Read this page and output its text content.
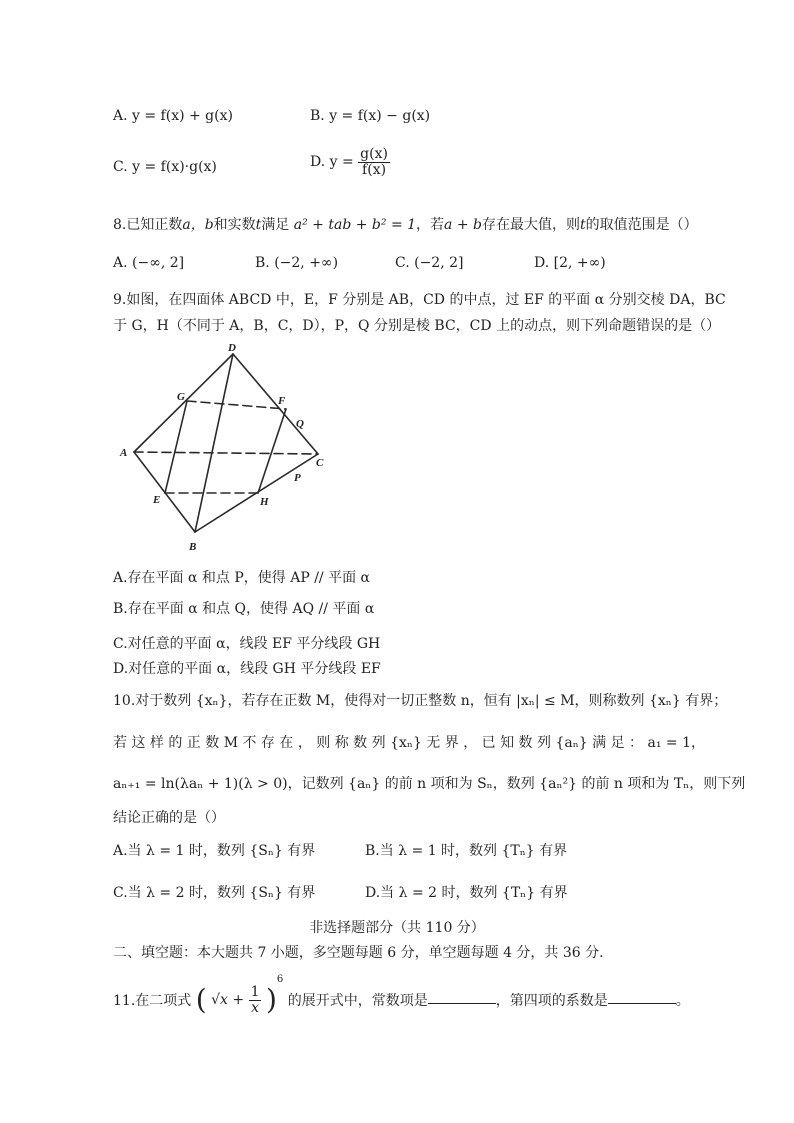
A. y = f(x) + g(x)	B. y = f(x) − g(x)
C. y = f(x)·g(x)	D. $y = \frac{g(x)}{f(x)}$
8.已知正数a，b和实数t满足 a² + tab + b² = 1，若a + b存在最大值，则t的取值范围是（）
A. (−∞, 2]	B. (−2, +∞)	C. (−2, 2]	D. [2, +∞)
9.如图，在四面体 ABCD 中，E，F 分别是 AB，CD 的中点，过 EF 的平面 α 分别交棱 DA，BC
于 G，H（不同于 A，B，C，D），P，Q 分别是棱 BC，CD 上的动点，则下列命题错误的是（）
D
A
C
B
G	F
Q
P
E	H
A.存在平面 α 和点 P，使得 AP // 平面 α
B.存在平面 α 和点 Q，使得 AQ // 平面 α
C.对任意的平面 α，线段 EF 平分线段 GH
D.对任意的平面 α，线段 GH 平分线段 EF
10.对于数列 {xₙ}，若存在正数 M，使得对一切正整数 n，恒有 |xₙ| ≤ M，则称数列 {xₙ} 有界；
若 这 样 的 正 数 M 不 存 在 ， 则 称 数 列 {xₙ} 无 界 ， 已 知 数 列 {aₙ} 满 足 ： a₁ = 1，
aₙ₊₁ = ln(λaₙ + 1)(λ > 0)，记数列 {aₙ} 的前 n 项和为 Sₙ，数列 {aₙ²} 的前 n 项和为 Tₙ，则下列
结论正确的是（）
A.当 λ = 1 时，数列 {Sₙ} 有界	B.当 λ = 1 时，数列 {Tₙ} 有界
C.当 λ = 2 时，数列 {Sₙ} 有界	D.当 λ = 2 时，数列 {Tₙ} 有界
非选择题部分（共 110 分）
二、填空题：本大题共 7 小题，多空题每题 6 分，单空题每题 4 分，共 36 分.
11.在二项式 ( $√x + \frac{1}{x} )^6$ 的展开式中，常数项是	，第四项的系数是	。
